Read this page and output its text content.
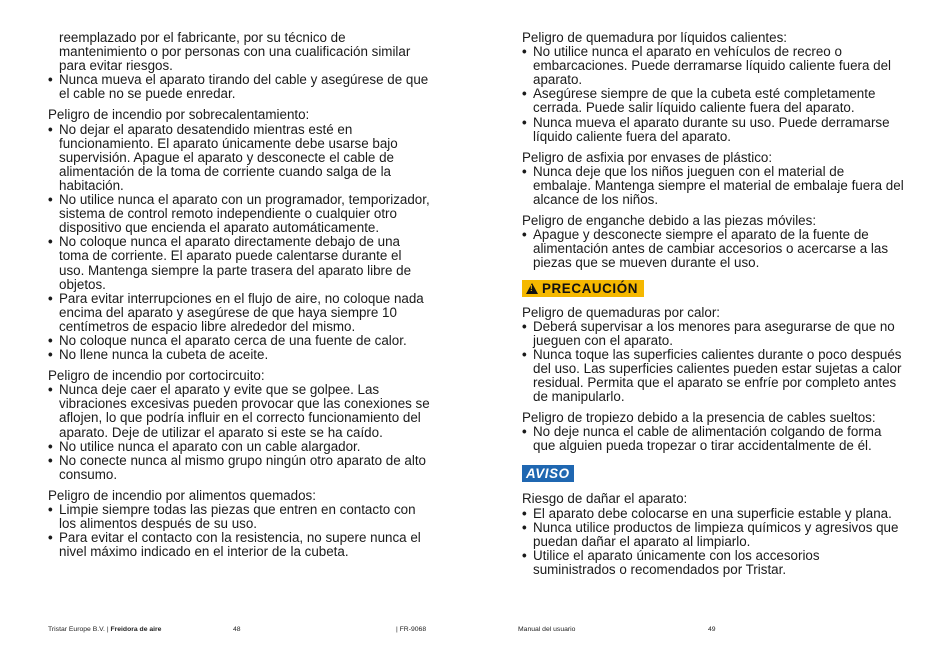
reemplazado por el fabricante, por su técnico de
mantenimiento o por personas con una cualificación similar
para evitar riesgos.
• Nunca mueva el aparato tirando del cable y asegúrese de que el cable no se puede enredar.

Peligro de incendio por sobrecalentamiento:

• No dejar el aparato desatendido mientras esté en funcionamiento. El aparato únicamente debe usarse bajo supervisión. Apague el aparato y desconecte el cable de alimentación de la toma de corriente cuando salga de la habitación.
• No utilice nunca el aparato con un programador, temporizador, sistema de control remoto independiente o cualquier otro dispositivo que encienda el aparato automáticamente.
• No coloque nunca el aparato directamente debajo de una toma de corriente. El aparato puede calentarse durante el uso. Mantenga siempre la parte trasera del aparato libre de objetos.
• Para evitar interrupciones en el flujo de aire, no coloque nada encima del aparato y asegúrese de que haya siempre 10 centímetros de espacio libre alrededor del mismo.
• No coloque nunca el aparato cerca de una fuente de calor.
• No llene nunca la cubeta de aceite.

Peligro de incendio por cortocircuito:

• Nunca deje caer el aparato y evite que se golpee. Las vibraciones excesivas pueden provocar que las conexiones se aflojen, lo que podría influir en el correcto funcionamiento del aparato. Deje de utilizar el aparato si este se ha caído.
• No utilice nunca el aparato con un cable alargador.
• No conecte nunca al mismo grupo ningún otro aparato de alto consumo.

Peligro de incendio por alimentos quemados:

• Limpie siempre todas las piezas que entren en contacto con los alimentos después de su uso.
• Para evitar el contacto con la resistencia, no supere nunca el nivel máximo indicado en el interior de la cubeta.

Peligro de quemadura por líquidos calientes:

• No utilice nunca el aparato en vehículos de recreo o embarcaciones. Puede derramarse líquido caliente fuera del aparato.
• Asegúrese siempre de que la cubeta esté completamente cerrada. Puede salir líquido caliente fuera del aparato.
• Nunca mueva el aparato durante su uso. Puede derramarse líquido caliente fuera del aparato.

Peligro de asfixia por envases de plástico:

• Nunca deje que los niños jueguen con el material de embalaje. Mantenga siempre el material de embalaje fuera del alcance de los niños.

Peligro de enganche debido a las piezas móviles:

• Apague y desconecte siempre el aparato de la fuente de alimentación antes de cambiar accesorios o acercarse a las piezas que se mueven durante el uso.
!PRECAUCIÓN

Peligro de quemaduras por calor:

• Deberá supervisar a los menores para asegurarse de que no jueguen con el aparato.
• Nunca toque las superficies calientes durante o poco después del uso. Las superficies calientes pueden estar sujetas a calor residual. Permita que el aparato se enfríe por completo antes de manipularlo.

Peligro de tropiezo debido a la presencia de cables sueltos:

• No deje nunca el cable de alimentación colgando de forma que alguien pueda tropezar o tirar accidentalmente de él.
AVISO

Riesgo de dañar el aparato:

• El aparato debe colocarse en una superficie estable y plana.
• Nunca utilice productos de limpieza químicos y agresivos que puedan dañar el aparato al limpiarlo.
• Utilice el aparato únicamente con los accesorios suministrados o recomendados por Tristar.
Tristar Europe B.V. | Freidora de aire	48	| FR-9068	Manual del usuario	49
